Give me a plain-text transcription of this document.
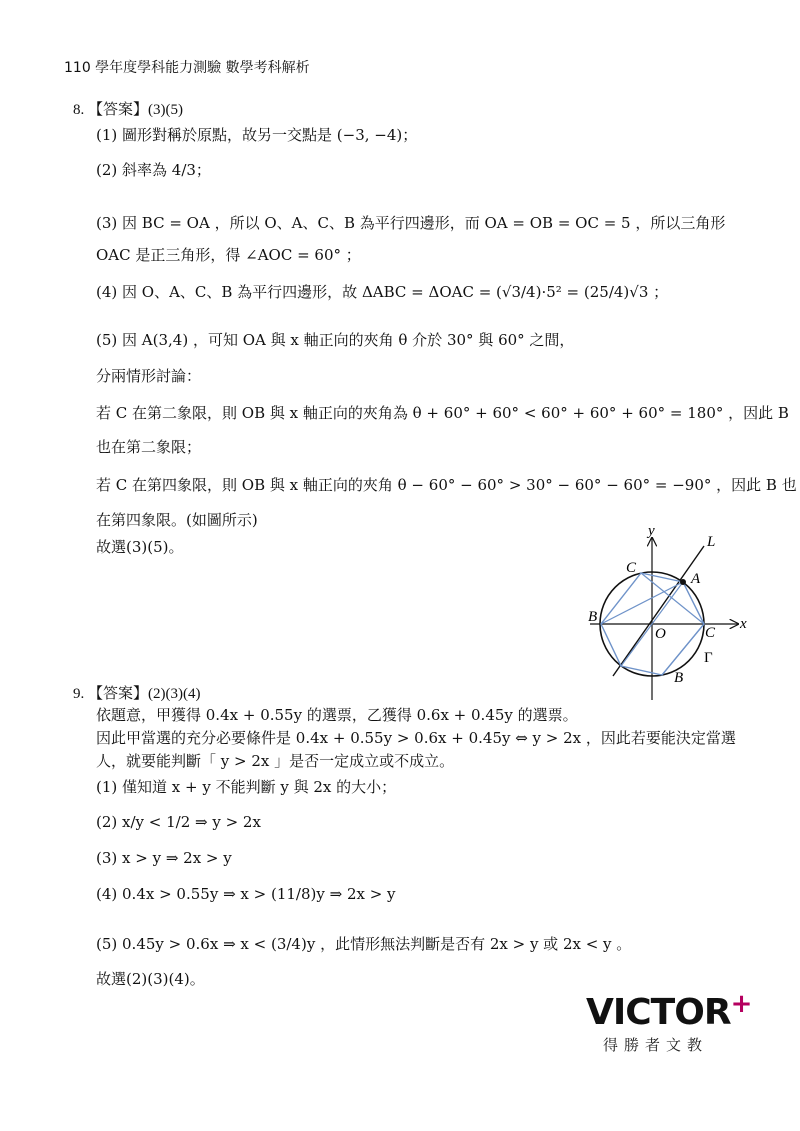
110 學年度學科能力測驗 數學考科解析
8. 【答案】(3)(5)
(1) 圖形對稱於原點，故另一交點是 (−3, −4)；
(2) 斜率為 4/3；
(3) 因 BC = OA ，所以 O、A、C、B 為平行四邊形，而 OA = OB = OC = 5 ，所以三角形
OAC 是正三角形，得 ∠AOC = 60° ；
(4) 因 O、A、C、B 為平行四邊形，故 ΔABC = ΔOAC = (√3/4)·5² = (25/4)√3 ；
(5) 因 A(3,4) ，可知 OA 與 x 軸正向的夾角 θ 介於 30° 與 60° 之間，
分兩情形討論：
若 C 在第二象限，則 OB 與 x 軸正向的夾角為 θ + 60° + 60° < 60° + 60° + 60° = 180° ，因此 B
也在第二象限；
若 C 在第四象限，則 OB 與 x 軸正向的夾角 θ − 60° − 60° > 30° − 60° − 60° = −90° ，因此 B 也
在第四象限。(如圖所示)
故選(3)(5)。
y
L
C
A
B
O	C
x
Γ
B
9. 【答案】(2)(3)(4)
依題意，甲獲得 0.4x + 0.55y 的選票，乙獲得 0.6x + 0.45y 的選票。
因此甲當選的充分必要條件是 0.4x + 0.55y > 0.6x + 0.45y ⇔ y > 2x ，因此若要能決定當選
人，就要能判斷「 y > 2x 」是否一定成立或不成立。
(1) 僅知道 x + y 不能判斷 y 與 2x 的大小；
(2) x/y < 1/2 ⇒ y > 2x
(3) x > y ⇒ 2x > y
(4) 0.4x > 0.55y ⇒ x > (11/8)y ⇒ 2x > y
(5) 0.45y > 0.6x ⇒ x < (3/4)y ，此情形無法判斷是否有 2x > y 或 2x < y 。
故選(2)(3)(4)。
VICTOR+
得勝者文教
